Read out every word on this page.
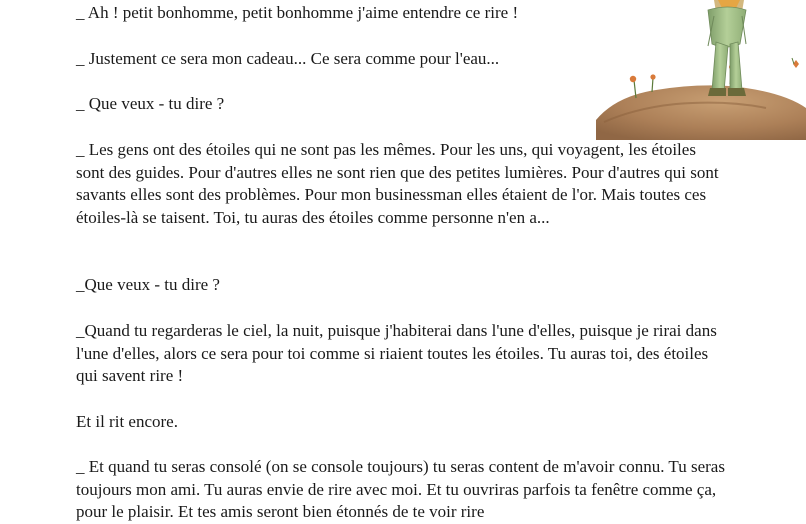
_ Ah ! petit bonhomme, petit bonhomme j'aime entendre ce rire !

_ Justement ce sera mon cadeau... Ce sera comme pour l'eau...

_ Que veux - tu dire ?

_ Les gens ont des étoiles qui ne sont pas les mêmes. Pour les uns, qui voyagent, les étoiles sont des guides. Pour d'autres elles ne sont rien que des petites lumières. Pour d'autres qui sont savants elles sont des problèmes. Pour mon businessman elles étaient de l'or. Mais toutes ces étoiles-là se taisent. Toi, tu auras des étoiles comme personne n'en a...

_Que veux - tu dire ?

_Quand tu regarderas le ciel, la nuit, puisque j'habiterai dans l'une d'elles, puisque je rirai dans l'une d'elles, alors ce sera pour toi comme si riaient toutes les étoiles. Tu auras toi, des étoiles qui savent rire !

Et il rit encore.

_ Et quand tu seras consolé (on se console toujours) tu seras content de m'avoir connu. Tu seras toujours mon ami. Tu auras envie de rire avec moi. Et tu ouvriras parfois ta fenêtre comme ça, pour le plaisir. Et tes amis seront bien étonnés de te voir rire
